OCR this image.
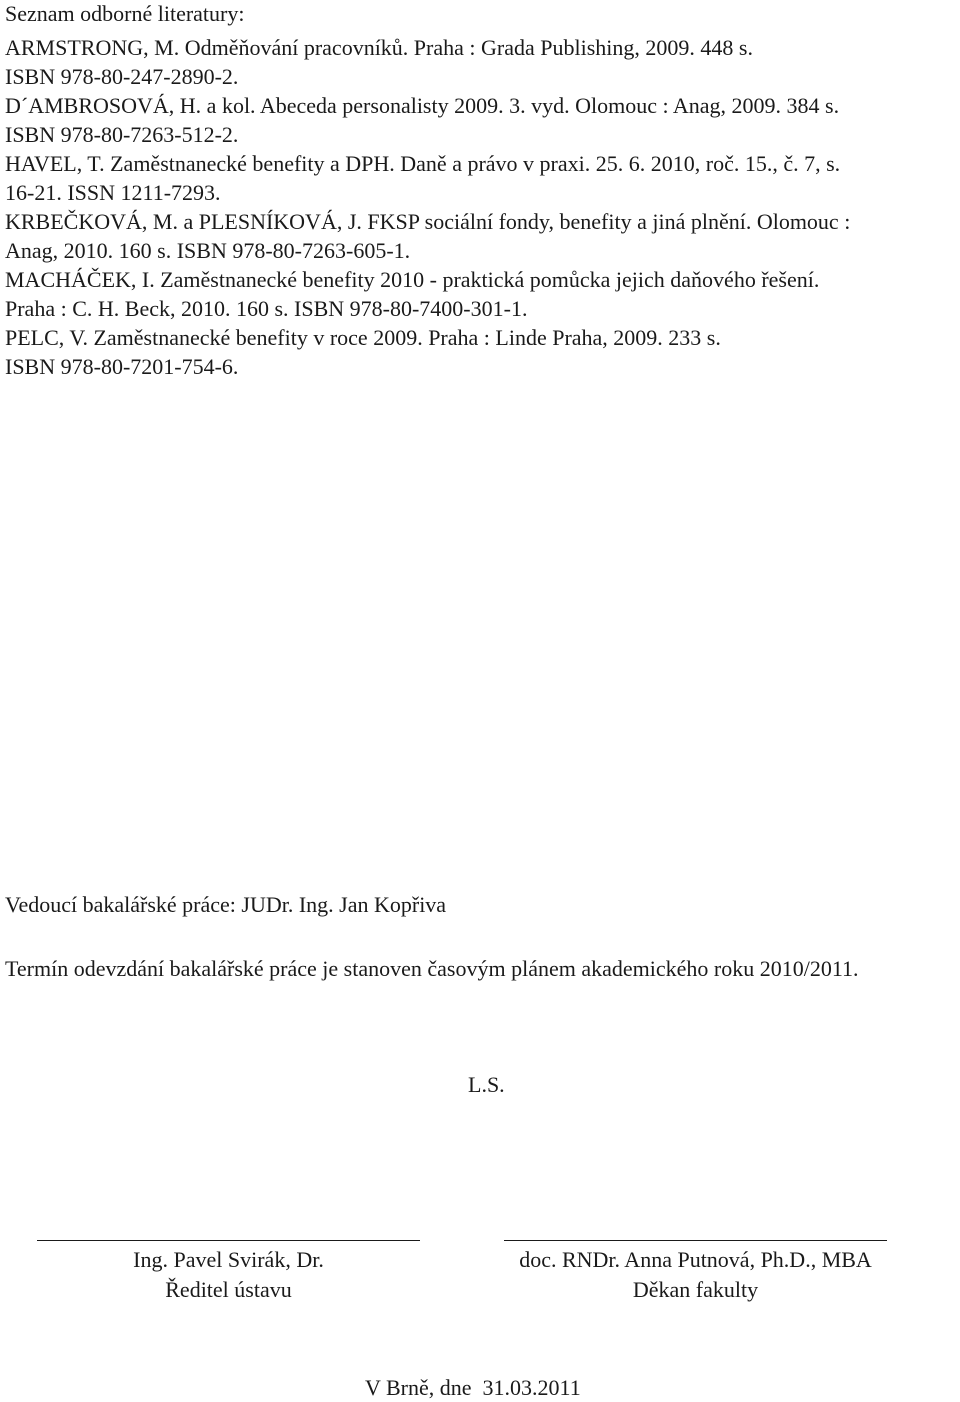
Seznam odborné literatury:
ARMSTRONG, M. Odměňování pracovníků. Praha : Grada Publishing, 2009. 448 s.
ISBN 978-80-247-2890-2.
D´AMBROSOVÁ, H. a kol. Abeceda personalisty 2009. 3. vyd. Olomouc : Anag, 2009. 384 s.
ISBN 978-80-7263-512-2.
HAVEL, T. Zaměstnanecké benefity a DPH. Daně a právo v praxi. 25. 6. 2010, roč. 15., č. 7, s.
16-21. ISSN 1211-7293.
KRBEČKOVÁ, M. a PLESNÍKOVÁ, J. FKSP sociální fondy, benefity a jiná plnění. Olomouc :
Anag, 2010. 160 s. ISBN 978-80-7263-605-1.
MACHÁČEK, I. Zaměstnanecké benefity 2010 - praktická pomůcka jejich daňového řešení.
Praha : C. H. Beck, 2010. 160 s. ISBN 978-80-7400-301-1.
PELC, V. Zaměstnanecké benefity v roce 2009. Praha : Linde Praha, 2009. 233 s.
ISBN 978-80-7201-754-6.
Vedoucí bakalářské práce: JUDr. Ing. Jan Kopřiva
Termín odevzdání bakalářské práce je stanoven časovým plánem akademického roku 2010/2011.
L.S.
Ing. Pavel Svirák, Dr.
Ředitel ústavu
doc. RNDr. Anna Putnová, Ph.D., MBA
Děkan fakulty
V Brně, dne  31.03.2011
